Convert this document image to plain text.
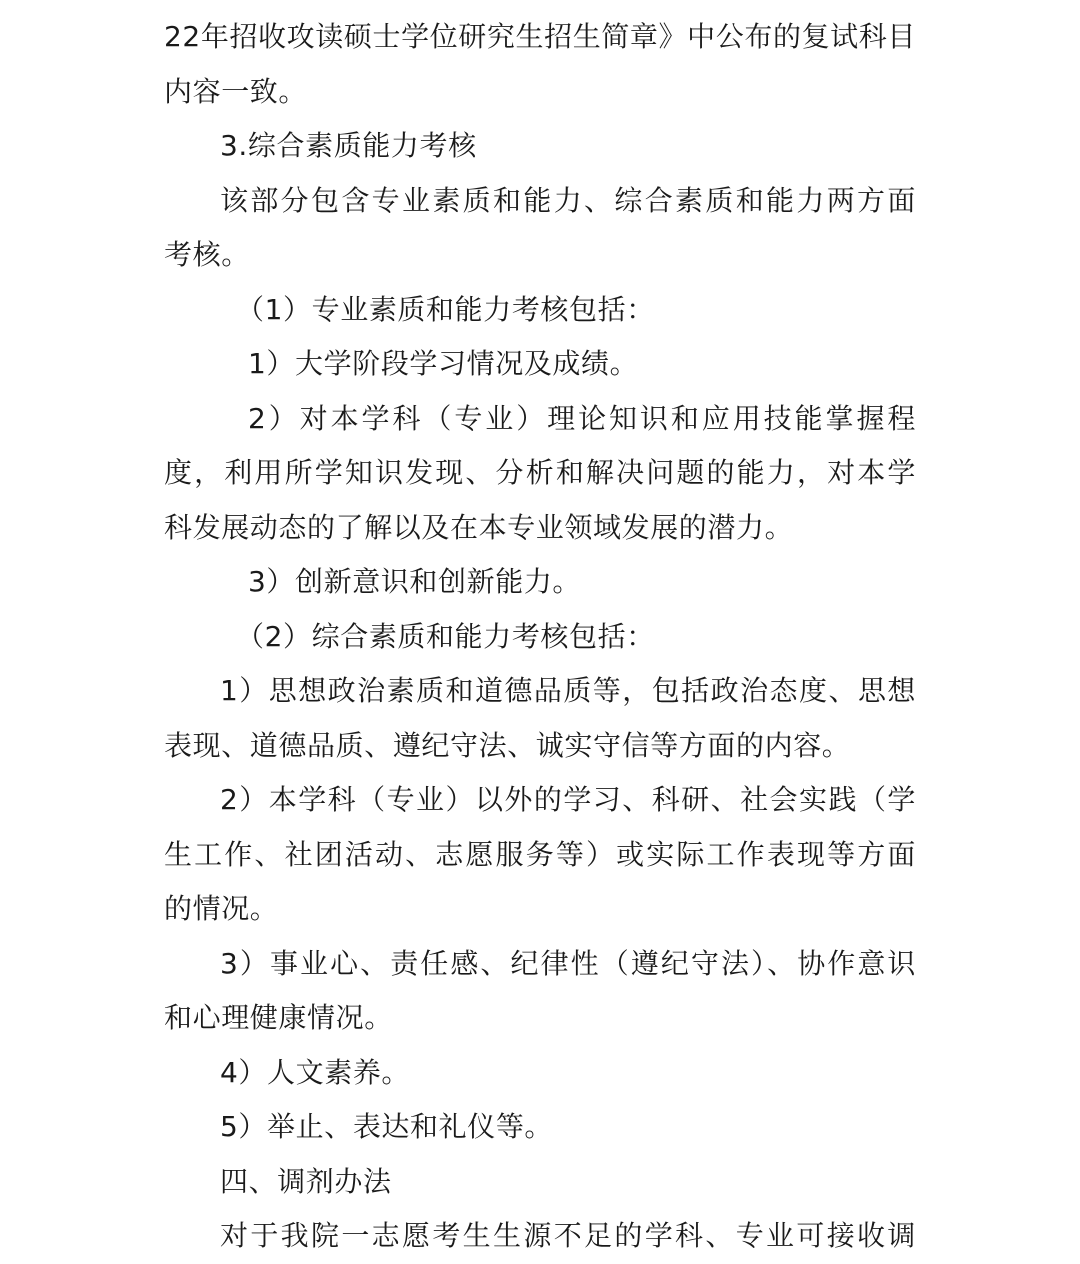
22年招收攻读硕士学位研究生招生简章》中公布的复试科目

内容一致。

3.综合素质能力考核

该部分包含专业素质和能力、综合素质和能力两方面

考核。

（1）专业素质和能力考核包括：

1）大学阶段学习情况及成绩。

2）对本学科（专业）理论知识和应用技能掌握程

度，利用所学知识发现、分析和解决问题的能力，对本学

科发展动态的了解以及在本专业领域发展的潜力。

3）创新意识和创新能力。

（2）综合素质和能力考核包括：

1）思想政治素质和道德品质等，包括政治态度、思想

表现、道德品质、遵纪守法、诚实守信等方面的内容。

2）本学科（专业）以外的学习、科研、社会实践（学

生工作、社团活动、志愿服务等）或实际工作表现等方面

的情况。

3）事业心、责任感、纪律性（遵纪守法）、协作意识

和心理健康情况。

4）人文素养。

5）举止、表达和礼仪等。

四、调剂办法

对于我院一志愿考生生源不足的学科、专业可接收调
